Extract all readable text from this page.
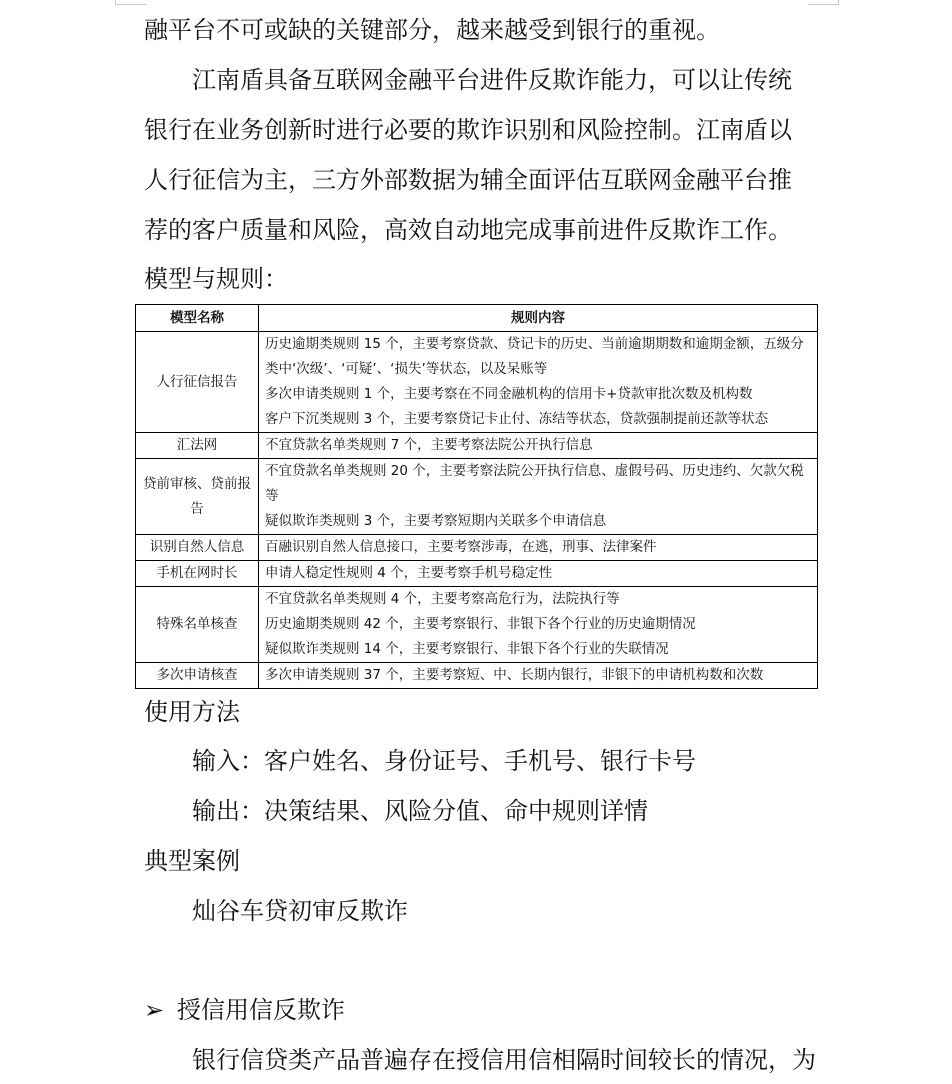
融平台不可或缺的关键部分，越来越受到银行的重视。

江南盾具备互联网金融平台进件反欺诈能力，可以让传统银行在业务创新时进行必要的欺诈识别和风险控制。江南盾以人行征信为主，三方外部数据为辅全面评估互联网金融平台推荐的客户质量和风险，高效自动地完成事前进件反欺诈工作。

模型与规则：
模型名称	规则内容
人行征信报告	历史逾期类规则 15 个，主要考察贷款、贷记卡的历史、当前逾期期数和逾期金额，五级分类中‘次级’、‘可疑’、‘损失’等状态，以及呆账等
多次申请类规则 1 个，主要考察在不同金融机构的信用卡+贷款审批次数及机构数
客户下沉类规则 3 个，主要考察贷记卡止付、冻结等状态，贷款强制提前还款等状态

汇法网	不宜贷款名单类规则 7 个，主要考察法院公开执行信息

贷前审核、贷前报告	不宜贷款名单类规则 20 个，主要考察法院公开执行信息、虚假号码、历史违约、欠款欠税等
疑似欺诈类规则 3 个，主要考察短期内关联多个申请信息

识别自然人信息	百融识别自然人信息接口，主要考察涉毒，在逃，刑事、法律案件

手机在网时长	申请人稳定性规则 4 个，主要考察手机号稳定性

特殊名单核查	不宜贷款名单类规则 4 个，主要考察高危行为，法院执行等
历史逾期类规则 42 个，主要考察银行、非银下各个行业的历史逾期情况
疑似欺诈类规则 14 个，主要考察银行、非银下各个行业的失联情况

多次申请核查	多次申请类规则 37 个，主要考察短、中、长期内银行，非银下的申请机构数和次数
使用方法
输入：客户姓名、身份证号、手机号、银行卡号
输出：决策结果、风险分值、命中规则详情
典型案例
灿谷车贷初审反欺诈
➢ 授信用信反欺诈
银行信贷类产品普遍存在授信用信相隔时间较长的情况，为
